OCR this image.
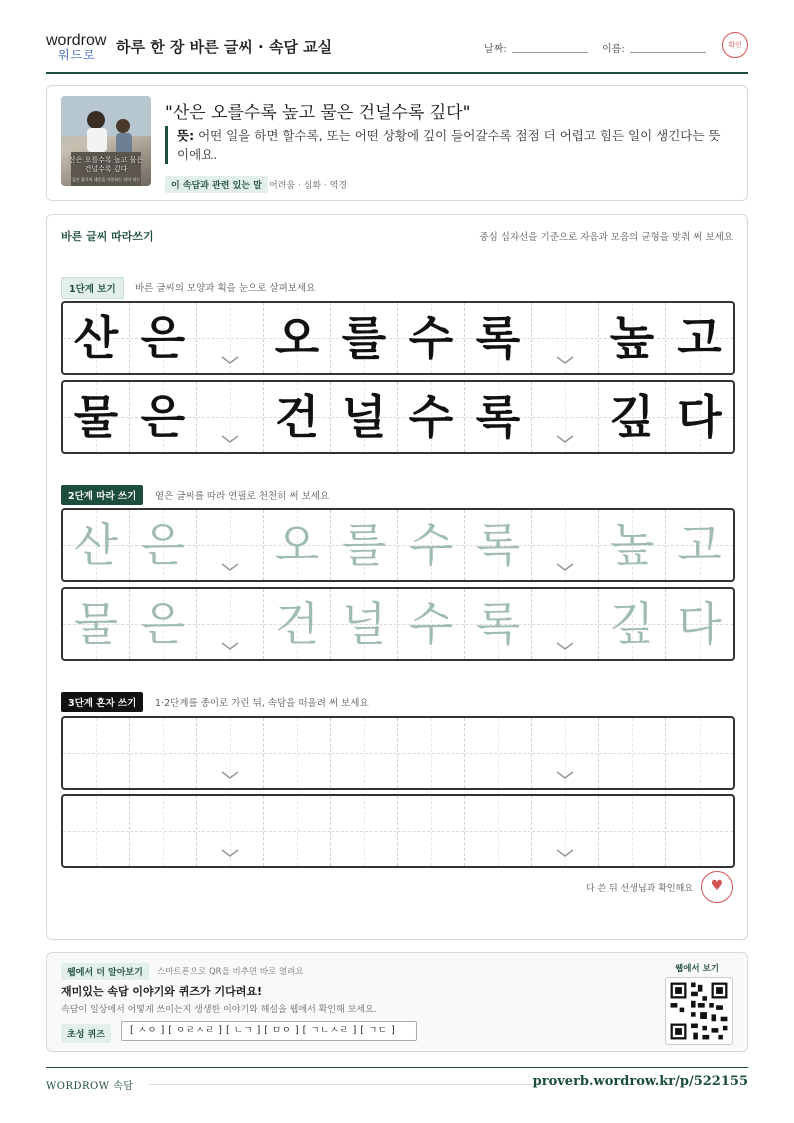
wordrow
워드로	하루 한 장 바른 글씨 · 속담 교실	날짜:	이름:	확인
산은 오를수록 높고 물은 건널수록 깊다
깊은 위기의 대응을 가중하는 의미 익는
"산은 오를수록 높고 물은 건널수록 깊다"
뜻: 어떤 일을 하면 할수록, 또는 어떤 상황에 깊이 들어갈수록 점점 더 어렵고 힘든 일이 생긴다는 뜻이에요.
이 속담과 관련 있는 말 어려움 · 심화 · 역경
바른 글씨 따라쓰기	중심 십자선을 기준으로 자음과 모음의 균형을 맞춰 써 보세요
1단계 보기	바른 글씨의 모양과 획을 눈으로 살펴보세요
산 은 오 를 수 록 높 고
물 은 건 널 수 록 깊 다
2단계 따라 쓰기	옅은 글씨를 따라 연필로 천천히 써 보세요
산 은 오 를 수 록 높 고
물 은 건 널 수 록 깊 다
3단계 혼자 쓰기	1·2단계를 종이로 가린 뒤, 속담을 떠올려 써 보세요
다 쓴 뒤 선생님과 확인해요	♥
웹에서 더 알아보기	스마트폰으로 QR을 비추면 바로 열려요
재미있는 속담 이야기와 퀴즈가 기다려요!
속담이 일상에서 어떻게 쓰이는지 생생한 이야기와 해설을 웹에서 확인해 보세요.
초성 퀴즈	[ ㅅㅇ ] [ ㅇㄹㅅㄹ ] [ ㄴㄱ ] [ ㅁㅇ ] [ ㄱㄴㅅㄹ ] [ ㄱㄷ ]
웹에서 보기
WORDROW 속담	proverb.wordrow.kr/p/522155
